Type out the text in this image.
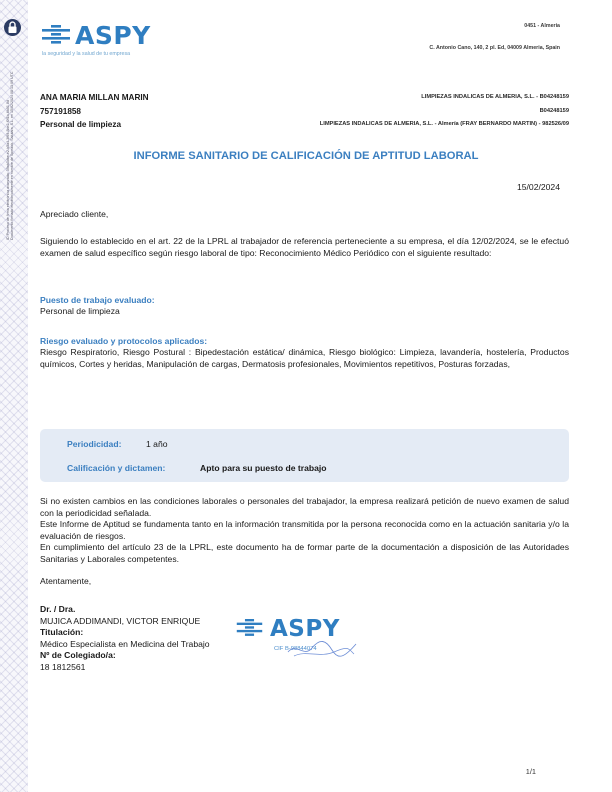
ID Proceso de firma electrónica avanzada: 39ab3dbe-e2-b5a4-3f69-8be2-f0f1b-6b01 0d Documento firmado electrónicamente en nombre de Spmaob. Salutara, S.L. en 15/02/2024 08:13:09 UTC
ASPY
la seguridad y la salud de tu empresa
0451 - Almeria
C. Antonio Cano, 140, 2 pl. Ed, 04009 Almeria, Spain
ANA MARIA MILLAN MARIN
757191858
Personal de limpieza
LIMPIEZAS INDALICAS DE ALMERIA, S.L. - B04248159
B04248159
LIMPIEZAS INDALICAS DE ALMERIA, S.L. - Almería (FRAY BERNARDO MARTIN) - 982526/09
INFORME SANITARIO DE CALIFICACIÓN DE APTITUD LABORAL
15/02/2024
Apreciado cliente,
Siguiendo lo establecido en el art. 22 de la LPRL al trabajador de referencia perteneciente a su empresa, el día 12/02/2024, se le efectuó examen de salud específico según riesgo laboral de tipo: Reconocimiento Médico Periódico con el siguiente resultado:
Puesto de trabajo evaluado:
Personal de limpieza
Riesgo evaluado y protocolos aplicados:
Riesgo Respiratorio, Riesgo Postural : Bipedestación estática/ dinámica, Riesgo biológico: Limpieza, lavandería, hostelería, Productos químicos, Cortes y heridas, Manipulación de cargas, Dermatosis profesionales, Movimientos repetitivos, Posturas forzadas,
Periodicidad:	1 año
Calificación y dictamen:	Apto para su puesto de trabajo
Si no existen cambios en las condiciones laborales o personales del trabajador, la empresa realizará petición de nuevo examen de salud con la periodicidad señalada.
Este Informe de Aptitud se fundamenta tanto en la información transmitida por la persona reconocida como en la actuación sanitaria y/o la evaluación de riesgos.
En cumplimiento del artículo 23 de la LPRL, este documento ha de formar parte de la documentación a disposición de las Autoridades Sanitarias y Laborales competentes.
Atentamente,
Dr. / Dra.
MUJICA ADDIMANDI, VICTOR ENRIQUE
Titulación:
Médico Especialista en Medicina del Trabajo
Nº de Colegiado/a:
18 1812561
ASPY
CIF B-98844074
1/1
